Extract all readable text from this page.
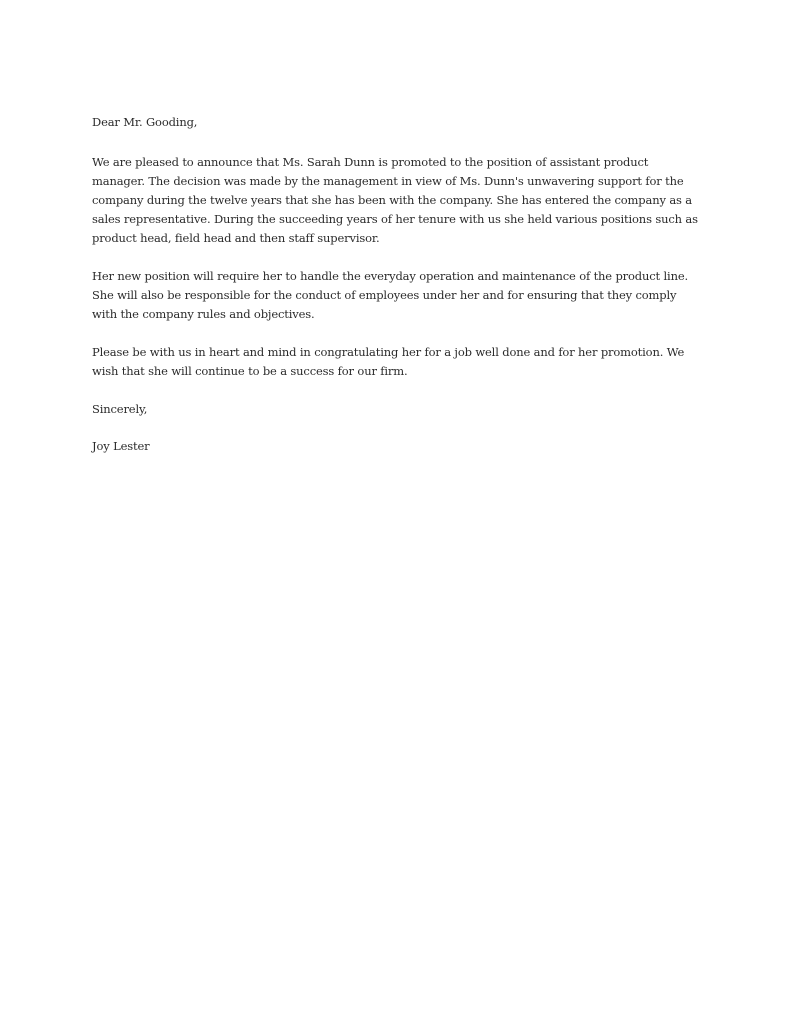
Dear Mr. Gooding,

We are pleased to announce that Ms. Sarah Dunn is promoted to the position of assistant product
manager. The decision was made by the management in view of Ms. Dunn's unwavering support for the
company during the twelve years that she has been with the company. She has entered the company as a
sales representative. During the succeeding years of her tenure with us she held various positions such as
product head, field head and then staff supervisor.

Her new position will require her to handle the everyday operation and maintenance of the product line.
She will also be responsible for the conduct of employees under her and for ensuring that they comply
with the company rules and objectives.

Please be with us in heart and mind in congratulating her for a job well done and for her promotion. We
wish that she will continue to be a success for our firm.

Sincerely,

Joy Lester
